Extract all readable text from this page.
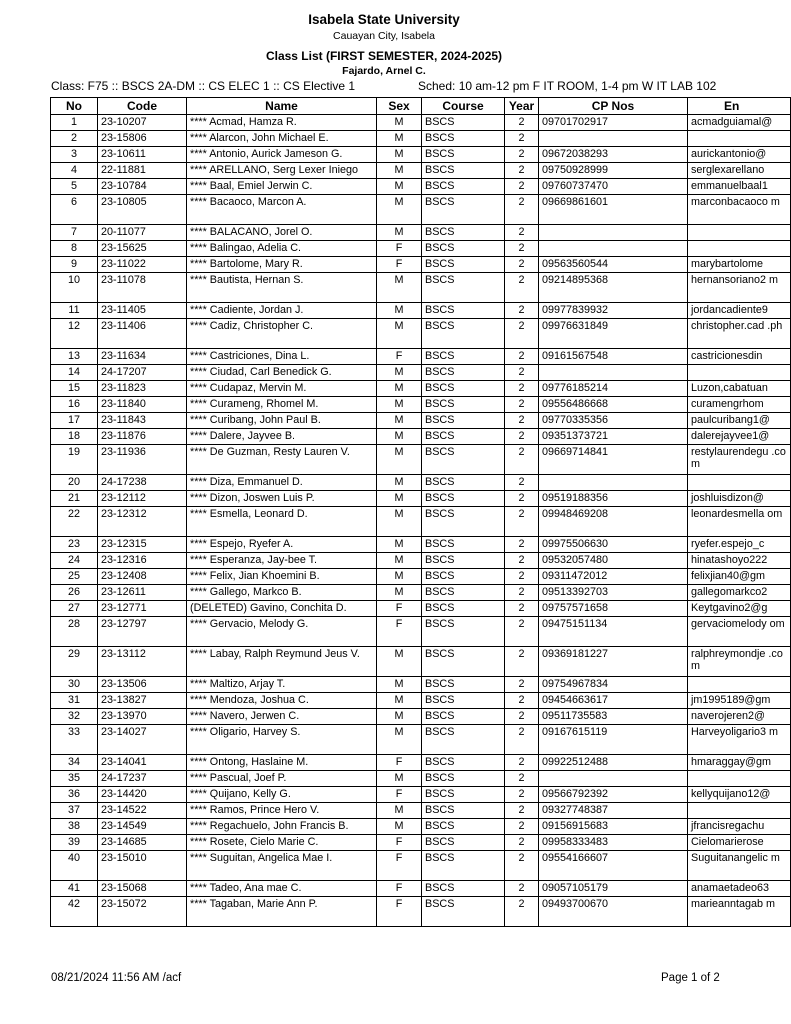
Isabela State University
Cauayan City, Isabela
Class List (FIRST SEMESTER, 2024-2025)
Fajardo, Arnel C.
Class: F75 :: BSCS 2A-DM :: CS ELEC 1 :: CS Elective 1	Sched: 10 am-12 pm F IT ROOM, 1-4 pm W IT LAB 102
No	Code	Name	Sex	Course	Year	CP Nos	En
1	23-10207	**** Acmad, Hamza R.	M	BSCS	2	09701702917	acmadguiamal@
2	23-15806	**** Alarcon, John Michael E.	M	BSCS	2		
3	23-10611	**** Antonio, Aurick Jameson G.	M	BSCS	2	09672038293	aurickantonio@
4	22-11881	**** ARELLANO, Serg Lexer Iniego	M	BSCS	2	09750928999	serglexarellano
5	23-10784	**** Baal, Emiel Jerwin C.	M	BSCS	2	09760737470	emmanuelbaal1
6	23-10805	**** Bacaoco, Marcon A.	M	BSCS	2	09669861601	marconbacaoco m
7	20-11077	**** BALACANO, Jorel O.	M	BSCS	2		
8	23-15625	**** Balingao, Adelia C.	F	BSCS	2		
9	23-11022	**** Bartolome, Mary R.	F	BSCS	2	09563560544	marybartolome
10	23-11078	**** Bautista, Hernan S.	M	BSCS	2	09214895368	hernansoriano2 m
11	23-11405	**** Cadiente, Jordan J.	M	BSCS	2	09977839932	jordancadiente9
12	23-11406	**** Cadiz, Christopher C.	M	BSCS	2	09976631849	christopher.cad .ph
13	23-11634	**** Castriciones, Dina L.	F	BSCS	2	09161567548	castricionesdin
14	24-17207	**** Ciudad, Carl Benedick G.	M	BSCS	2		
15	23-11823	**** Cudapaz, Mervin M.	M	BSCS	2	09776185214	Luzon,cabatuan
16	23-11840	**** Curameng, Rhomel M.	M	BSCS	2	09556486668	curamengrhom
17	23-11843	**** Curibang, John Paul B.	M	BSCS	2	09770335356	paulcuribang1@
18	23-11876	**** Dalere, Jayvee B.	M	BSCS	2	09351373721	dalerejayvee1@
19	23-11936	**** De Guzman, Resty Lauren V.	M	BSCS	2	09669714841	restylaurendegu .com
20	24-17238	**** Diza, Emmanuel D.	M	BSCS	2		
21	23-12112	**** Dizon, Joswen Luis P.	M	BSCS	2	09519188356	joshluisdizon@
22	23-12312	**** Esmella, Leonard D.	M	BSCS	2	09948469208	leonardesmella om
23	23-12315	**** Espejo, Ryefer A.	M	BSCS	2	09975506630	ryefer.espejo_c
24	23-12316	**** Esperanza, Jay-bee T.	M	BSCS	2	09532057480	hinatashoyo222
25	23-12408	**** Felix, Jian Khoemini B.	M	BSCS	2	09311472012	felixjian40@gm
26	23-12611	**** Gallego, Markco B.	M	BSCS	2	09513392703	gallegomarkco2
27	23-12771	(DELETED) Gavino, Conchita D.	F	BSCS	2	09757571658	Keytgavino2@g
28	23-12797	**** Gervacio, Melody G.	F	BSCS	2	09475151134	gervaciomelody om
29	23-13112	**** Labay, Ralph Reymund Jeus V.	M	BSCS	2	09369181227	ralphreymondje .com
30	23-13506	**** Maltizo, Arjay T.	M	BSCS	2	09754967834	
31	23-13827	**** Mendoza, Joshua C.	M	BSCS	2	09454663617	jm1995189@gm
32	23-13970	**** Navero, Jerwen C.	M	BSCS	2	09511735583	naverojeren2@
33	23-14027	**** Oligario, Harvey S.	M	BSCS	2	09167615119	Harveyoligario3 m
34	23-14041	**** Ontong, Haslaine M.	F	BSCS	2	09922512488	hmaraggay@gm
35	24-17237	**** Pascual, Joef P.	M	BSCS	2		
36	23-14420	**** Quijano, Kelly G.	F	BSCS	2	09566792392	kellyquijano12@
37	23-14522	**** Ramos, Prince Hero V.	M	BSCS	2	09327748387	
38	23-14549	**** Regachuelo, John Francis B.	M	BSCS	2	09156915683	jfrancisregachu
39	23-14685	**** Rosete, Cielo Marie C.	F	BSCS	2	09958333483	Cielomarierose
40	23-15010	**** Suguitan, Angelica Mae I.	F	BSCS	2	09554166607	Suguitanangelic m
41	23-15068	**** Tadeo, Ana mae C.	F	BSCS	2	09057105179	anamaetadeo63
42	23-15072	**** Tagaban, Marie Ann P.	F	BSCS	2	09493700670	marieanntagab m
08/21/2024 11:56 AM /acf	Page 1 of 2
